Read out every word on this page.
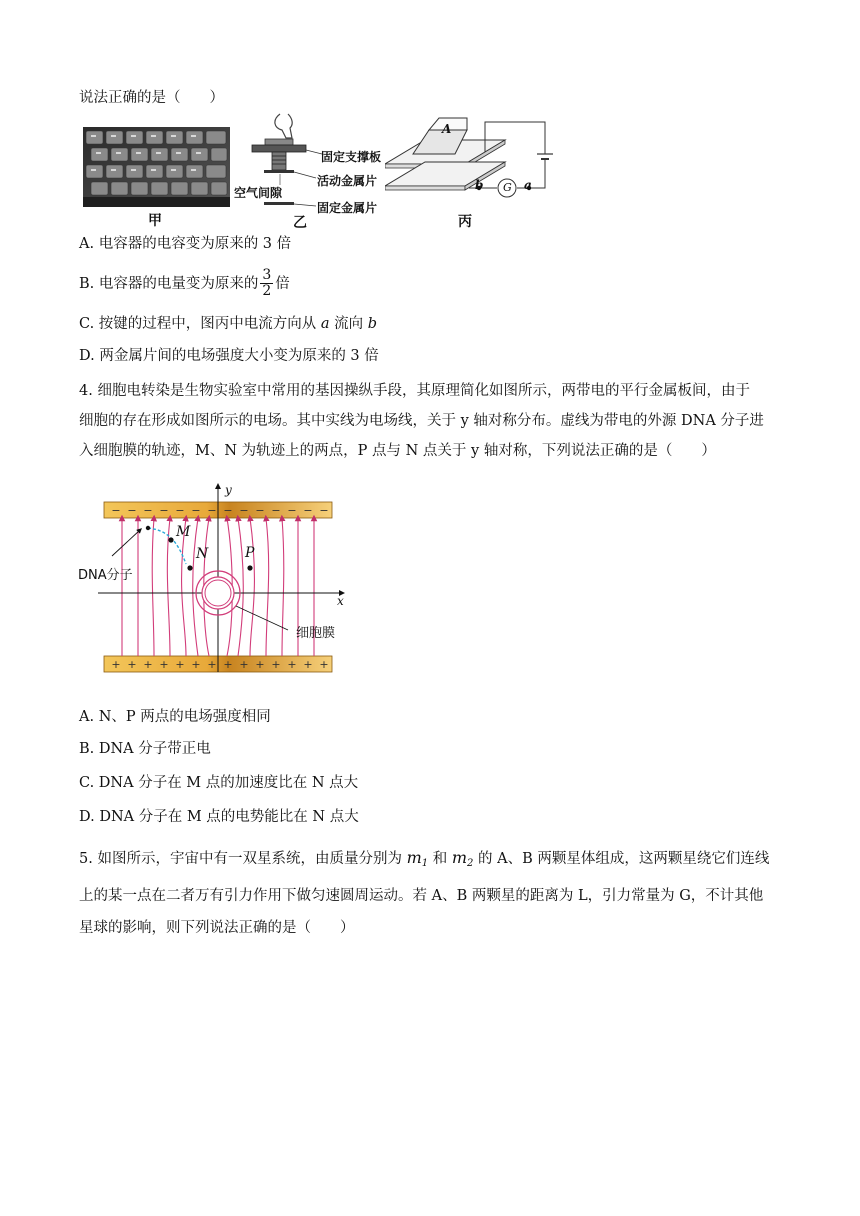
说法正确的是（　　）
甲
固定支撑板
空气间隙
活动金属片
固定金属片
乙
A
b G a
丙
A. 电容器的电容变为原来的 3 倍
B. 电容器的电量变为原来的 $\frac{3}{2}$ 倍
C. 按键的过程中，图丙中电流方向从 a 流向 b
D. 两金属片间的电场强度大小变为原来的 3 倍
4. 细胞电转染是生物实验室中常用的基因操纵手段，其原理简化如图所示，两带电的平行金属板间，由于
细胞的存在形成如图所示的电场。其中实线为电场线，关于 y 轴对称分布。虚线为带电的外源 DNA 分子进
入细胞膜的轨迹，M、N 为轨迹上的两点，P 点与 N 点关于 y 轴对称，下列说法正确的是（　　）
− − − − − − − − − − − − − −
+ + + + + + + + + + + + + +
y
x
M
N	P
DNA分子
细胞膜
A. N、P 两点的电场强度相同
B. DNA 分子带正电
C. DNA 分子在 M 点的加速度比在 N 点大
D. DNA 分子在 M 点的电势能比在 N 点大
5. 如图所示，宇宙中有一双星系统，由质量分别为 $m_1$ 和 $m_2$ 的 A、B 两颗星体组成，这两颗星绕它们连线
上的某一点在二者万有引力作用下做匀速圆周运动。若 A、B 两颗星的距离为 L，引力常量为 G，不计其他
星球的影响，则下列说法正确的是（　　）
